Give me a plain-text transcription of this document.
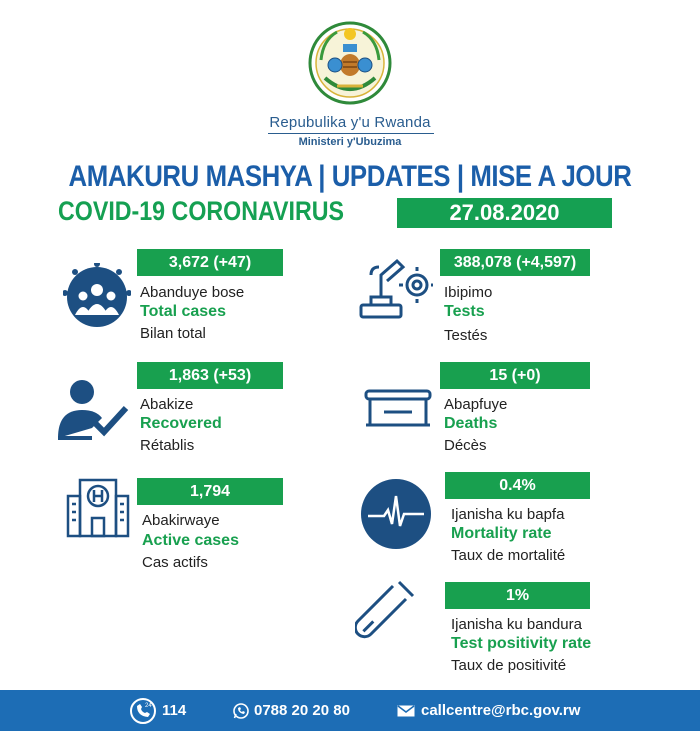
Repubulika y'u Rwanda
Ministeri y'Ubuzima
AMAKURU MASHYA | UPDATES | MISE A JOUR
COVID-19 CORONAVIRUS	27.08.2020
3,672 (+47)
Abanduye bose
Total cases
Bilan total
388,078 (+4,597)
Ibipimo
Tests
Testés
1,863 (+53)
Abakize
Recovered
Rétablis
15 (+0)
Abapfuye
Deaths
Décès
1,794
Abakirwaye
Active cases
Cas actifs
0.4%
Ijanisha ku bapfa
Mortality rate
Taux de mortalité
1%
Ijanisha ku bandura
Test positivity rate
Taux de positivité
24 114	0788 20 20 80	callcentre@rbc.gov.rw
